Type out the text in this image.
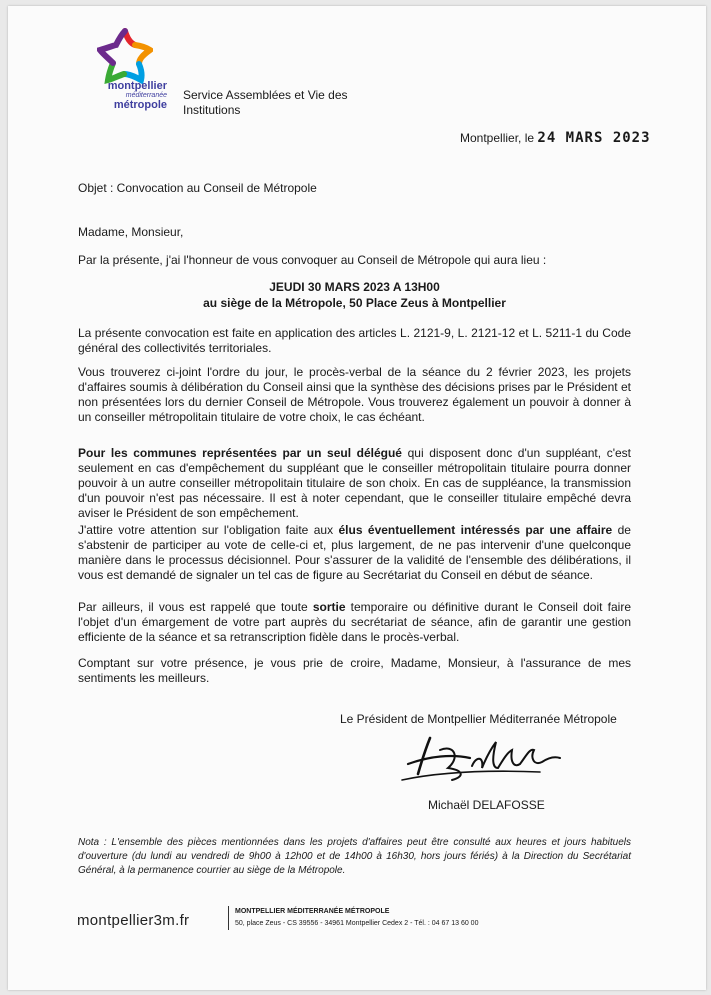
montpellier
méditerranée
métropole
Service Assemblées et Vie des Institutions
Montpellier, le 24 MARS 2023
Objet : Convocation au Conseil de Métropole
Madame, Monsieur,
Par la présente, j'ai l'honneur de vous convoquer au Conseil de Métropole qui aura lieu :
JEUDI 30 MARS 2023 A 13H00
au siège de la Métropole, 50 Place Zeus à Montpellier
La présente convocation est faite en application des articles L. 2121-9, L. 2121-12 et L. 5211-1 du Code général des collectivités territoriales.
Vous trouverez ci-joint l'ordre du jour, le procès-verbal de la séance du 2 février 2023, les projets d'affaires soumis à délibération du Conseil ainsi que la synthèse des décisions prises par le Président et non présentées lors du dernier Conseil de Métropole. Vous trouverez également un pouvoir à donner à un conseiller métropolitain titulaire de votre choix, le cas échéant.
Pour les communes représentées par un seul délégué qui disposent donc d'un suppléant, c'est seulement en cas d'empêchement du suppléant que le conseiller métropolitain titulaire pourra donner pouvoir à un autre conseiller métropolitain titulaire de son choix. En cas de suppléance, la transmission d'un pouvoir n'est pas nécessaire. Il est à noter cependant, que le conseiller titulaire empêché devra aviser le Président de son empêchement.
J'attire votre attention sur l'obligation faite aux élus éventuellement intéressés par une affaire de s'abstenir de participer au vote de celle-ci et, plus largement, de ne pas intervenir d'une quelconque manière dans le processus décisionnel. Pour s'assurer de la validité de l'ensemble des délibérations, il vous est demandé de signaler un tel cas de figure au Secrétariat du Conseil en début de séance.
Par ailleurs, il vous est rappelé que toute sortie temporaire ou définitive durant le Conseil doit faire l'objet d'un émargement de votre part auprès du secrétariat de séance, afin de garantir une gestion efficiente de la séance et sa retranscription fidèle dans le procès-verbal.
Comptant sur votre présence, je vous prie de croire, Madame, Monsieur, à l'assurance de mes sentiments les meilleurs.
Le Président de Montpellier Méditerranée Métropole
Michaël DELAFOSSE
Nota : L'ensemble des pièces mentionnées dans les projets d'affaires peut être consulté aux heures et jours habituels d'ouverture (du lundi au vendredi de 9h00 à 12h00 et de 14h00 à 16h30, hors jours fériés) à la Direction du Secrétariat Général, à la permanence courrier au siège de la Métropole.
montpellier3m.fr
MONTPELLIER MÉDITERRANÉE MÉTROPOLE
50, place Zeus - CS 39556 - 34961 Montpellier Cedex 2 - Tél. : 04 67 13 60 00
